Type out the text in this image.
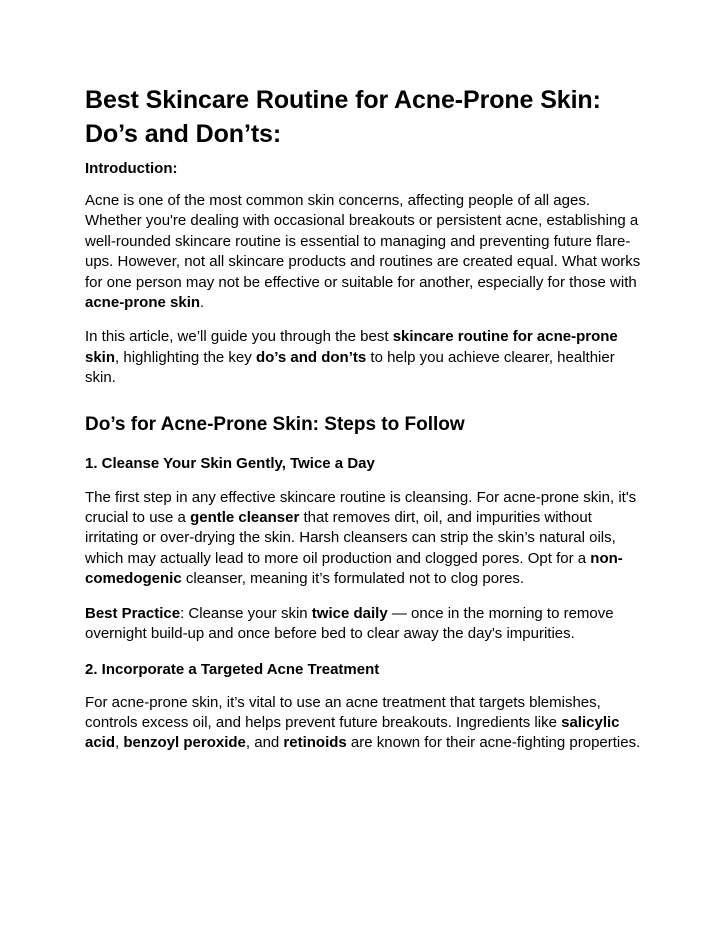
Best Skincare Routine for Acne-Prone Skin: Do’s and Don’ts:
Introduction:

Acne is one of the most common skin concerns, affecting people of all ages. Whether you're dealing with occasional breakouts or persistent acne, establishing a well-rounded skincare routine is essential to managing and preventing future flare-ups. However, not all skincare products and routines are created equal. What works for one person may not be effective or suitable for another, especially for those with acne-prone skin.

In this article, we’ll guide you through the best skincare routine for acne-prone skin, highlighting the key do’s and don’ts to help you achieve clearer, healthier skin.

Do’s for Acne-Prone Skin: Steps to Follow
1. Cleanse Your Skin Gently, Twice a Day

The first step in any effective skincare routine is cleansing. For acne-prone skin, it's crucial to use a gentle cleanser that removes dirt, oil, and impurities without irritating or over-drying the skin. Harsh cleansers can strip the skin’s natural oils, which may actually lead to more oil production and clogged pores. Opt for a non-comedogenic cleanser, meaning it’s formulated not to clog pores.

Best Practice: Cleanse your skin twice daily — once in the morning to remove overnight build-up and once before bed to clear away the day's impurities.

2. Incorporate a Targeted Acne Treatment

For acne-prone skin, it’s vital to use an acne treatment that targets blemishes, controls excess oil, and helps prevent future breakouts. Ingredients like salicylic acid, benzoyl peroxide, and retinoids are known for their acne-fighting properties.
